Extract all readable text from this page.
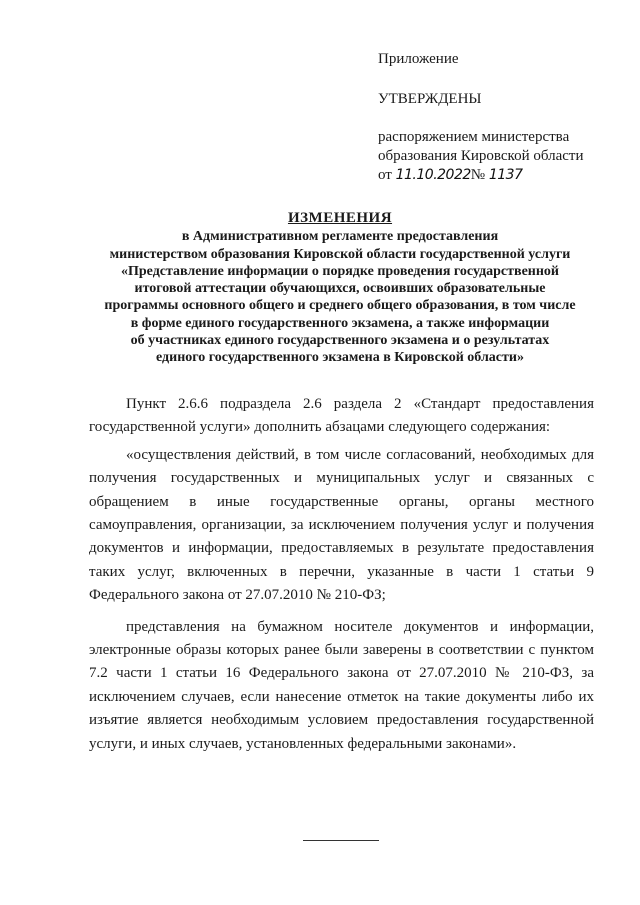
Приложение
УТВЕРЖДЕНЫ
распоряжением министерства
образования Кировской области
от 11.10.2022№ 1137
ИЗМЕНЕНИЯ
в Административном регламенте предоставления
министерством образования Кировской области государственной услуги
«Представление информации о порядке проведения государственной
итоговой аттестации обучающихся, освоивших образовательные
программы основного общего и среднего общего образования, в том числе
в форме единого государственного экзамена, а также информации
об участниках единого государственного экзамена и о результатах
единого государственного экзамена в Кировской области»

Пункт 2.6.6 подраздела 2.6 раздела 2 «Стандарт предоставления государственной услуги» дополнить абзацами следующего содержания:

«осуществления действий, в том числе согласований, необходимых для получения государственных и муниципальных услуг и связанных с обращением в иные государственные органы, органы местного самоуправления, организации, за исключением получения услуг и получения документов и информации, предоставляемых в результате предоставления таких услуг, включенных в перечни, указанные в части 1 статьи 9 Федерального закона от 27.07.2010 № 210-ФЗ;

представления на бумажном носителе документов и информации, электронные образы которых ранее были заверены в соответствии с пунктом 7.2 части 1 статьи 16 Федерального закона от 27.07.2010 № 210-ФЗ, за исключением случаев, если нанесение отметок на такие документы либо их изъятие является необходимым условием предоставления государственной услуги, и иных случаев, установленных федеральными законами».
